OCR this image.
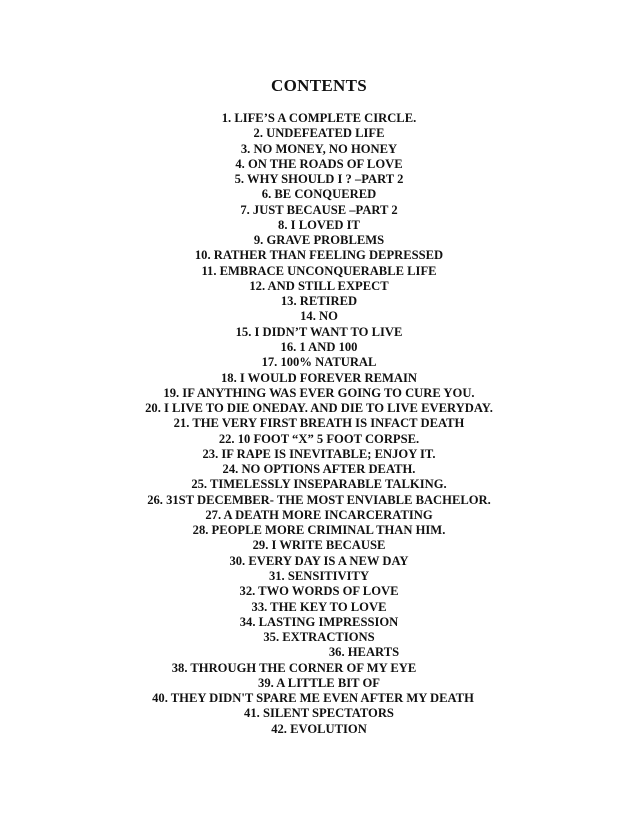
CONTENTS
1. LIFE’S A COMPLETE CIRCLE.
2. UNDEFEATED LIFE
3. NO MONEY, NO HONEY
4. ON THE ROADS OF LOVE
5. WHY SHOULD I ? –PART 2
6. BE CONQUERED
7. JUST BECAUSE –PART 2
8. I LOVED IT
9. GRAVE PROBLEMS
10. RATHER THAN FEELING DEPRESSED
11. EMBRACE UNCONQUERABLE LIFE
12. AND STILL EXPECT
13. RETIRED
14. NO
15. I DIDN’T WANT TO LIVE
16. 1 AND 100
17. 100% NATURAL
18. I WOULD FOREVER REMAIN
19. IF ANYTHING WAS EVER GOING TO CURE YOU.
20. I LIVE TO DIE ONEDAY. AND DIE TO LIVE EVERYDAY.
21. THE VERY FIRST BREATH IS INFACT DEATH
22. 10 FOOT “X” 5 FOOT CORPSE.
23. IF RAPE IS INEVITABLE; ENJOY IT.
24. NO OPTIONS AFTER DEATH.
25. TIMELESSLY INSEPARABLE TALKING.
26. 31ST DECEMBER- THE MOST ENVIABLE BACHELOR.
27. A DEATH MORE INCARCERATING
28. PEOPLE MORE CRIMINAL THAN HIM.
29. I WRITE BECAUSE
30. EVERY DAY IS A NEW DAY
31. SENSITIVITY
32. TWO WORDS OF LOVE
33. THE KEY TO LOVE
34. LASTING IMPRESSION
35. EXTRACTIONS
36. HEARTS
38. THROUGH THE CORNER OF MY EYE
39. A LITTLE BIT OF
40. THEY DIDN'T SPARE ME EVEN AFTER MY DEATH
41. SILENT SPECTATORS
42. EVOLUTION
